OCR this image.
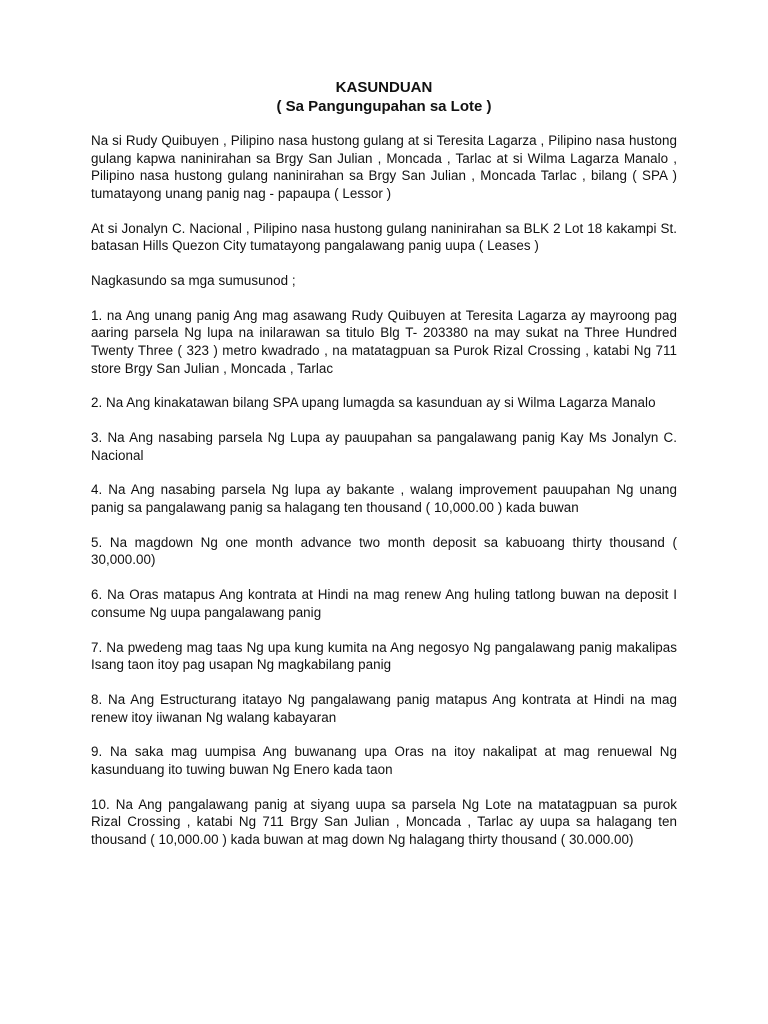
KASUNDUAN

( Sa Pangungupahan sa Lote )

Na si Rudy Quibuyen , Pilipino nasa hustong gulang at si Teresita Lagarza , Pilipino nasa hustong gulang kapwa naninirahan sa Brgy San Julian , Moncada , Tarlac at si Wilma Lagarza Manalo , Pilipino nasa hustong gulang naninirahan sa Brgy San Julian , Moncada Tarlac , bilang ( SPA ) tumatayong unang panig nag - papaupa ( Lessor )

At si Jonalyn C. Nacional , Pilipino nasa hustong gulang naninirahan sa BLK 2 Lot 18 kakampi St. batasan Hills Quezon City tumatayong pangalawang panig uupa ( Leases )

Nagkasundo sa mga sumusunod ;

1. na Ang unang panig Ang mag asawang Rudy Quibuyen at Teresita Lagarza ay mayroong pag aaring parsela Ng lupa na inilarawan sa titulo Blg T- 203380 na may sukat na Three Hundred Twenty Three ( 323 ) metro kwadrado , na matatagpuan sa Purok Rizal Crossing , katabi Ng 711 store Brgy San Julian , Moncada , Tarlac

2. Na Ang kinakatawan bilang SPA upang lumagda sa kasunduan ay si Wilma Lagarza Manalo

3. Na Ang nasabing parsela Ng Lupa ay pauupahan sa pangalawang panig Kay Ms Jonalyn C. Nacional

4. Na Ang nasabing parsela Ng lupa ay bakante , walang improvement pauupahan Ng unang panig sa pangalawang panig sa halagang ten thousand ( 10,000.00 ) kada buwan

5. Na magdown Ng one month advance two month deposit sa kabuoang thirty thousand ( 30,000.00)

6. Na Oras matapus Ang kontrata at Hindi na mag renew Ang huling tatlong buwan na deposit I consume Ng uupa pangalawang panig

7. Na pwedeng mag taas Ng upa kung kumita na Ang negosyo Ng pangalawang panig makalipas Isang taon itoy pag usapan Ng magkabilang panig

8. Na Ang Estructurang itatayo Ng pangalawang panig matapus Ang kontrata at Hindi na mag renew itoy iiwanan Ng walang kabayaran

9. Na saka mag uumpisa Ang buwanang upa Oras na itoy nakalipat at mag renuewal Ng kasunduang ito tuwing buwan Ng Enero kada taon

10. Na Ang pangalawang panig at siyang uupa sa parsela Ng Lote na matatagpuan sa purok Rizal Crossing , katabi Ng 711 Brgy San Julian , Moncada , Tarlac ay uupa sa halagang ten thousand ( 10,000.00 ) kada buwan at mag down Ng halagang thirty thousand ( 30.000.00)
